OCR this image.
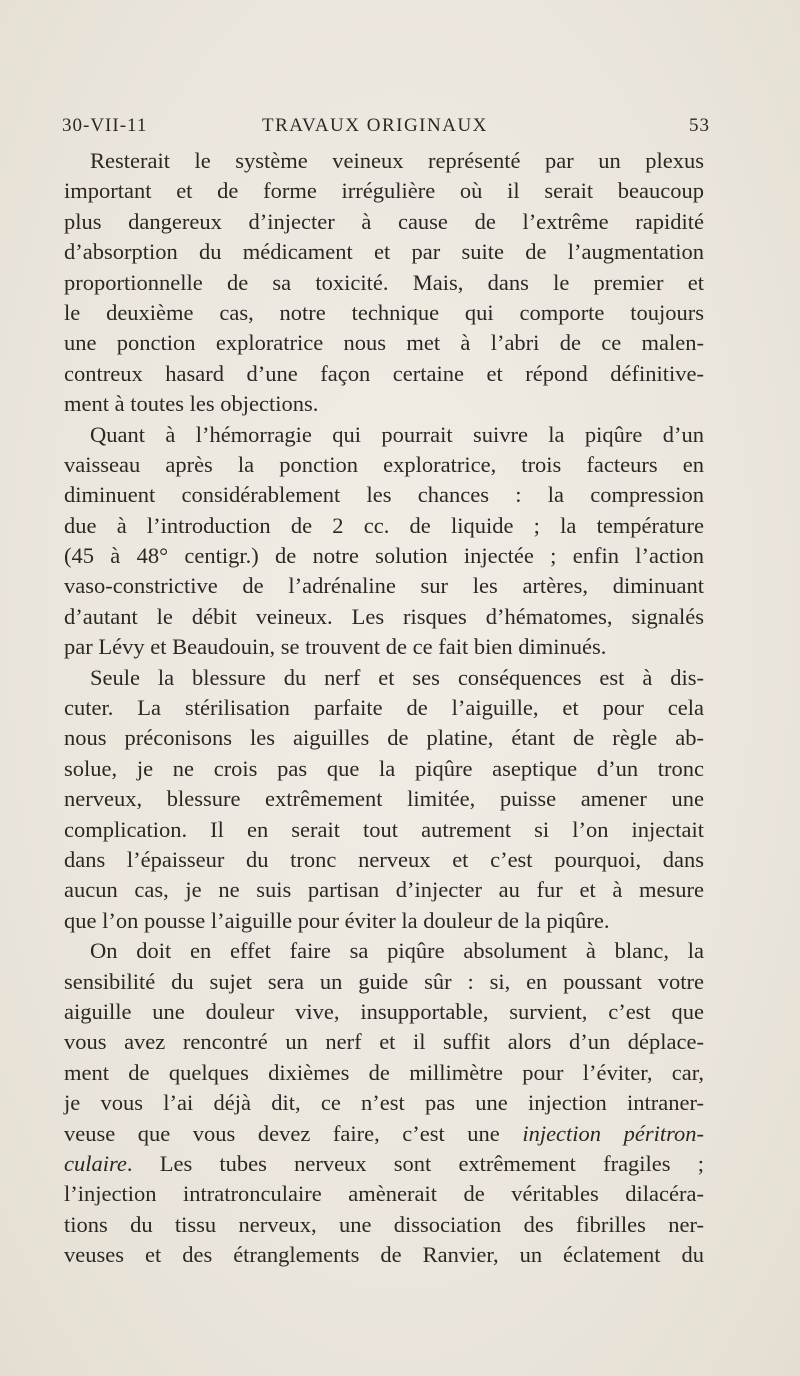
30-VII-11	TRAVAUX ORIGINAUX	53
Resterait le système veineux représenté par un plexus
important et de forme irrégulière où il serait beaucoup
plus dangereux d’injecter à cause de l’extrême rapidité
d’absorption du médicament et par suite de l’augmentation
proportionnelle de sa toxicité. Mais, dans le premier et
le deuxième cas, notre technique qui comporte toujours
une ponction exploratrice nous met à l’abri de ce malen-
contreux hasard d’une façon certaine et répond définitive-
ment à toutes les objections.
Quant à l’hémorragie qui pourrait suivre la piqûre d’un
vaisseau après la ponction exploratrice, trois facteurs en
diminuent considérablement les chances : la compression
due à l’introduction de 2 cc. de liquide ; la température
(45 à 48° centigr.) de notre solution injectée ; enfin l’action
vaso-constrictive de l’adrénaline sur les artères, diminuant
d’autant le débit veineux. Les risques d’hématomes, signalés
par Lévy et Beaudouin, se trouvent de ce fait bien diminués.
Seule la blessure du nerf et ses conséquences est à dis-
cuter. La stérilisation parfaite de l’aiguille, et pour cela
nous préconisons les aiguilles de platine, étant de règle ab-
solue, je ne crois pas que la piqûre aseptique d’un tronc
nerveux, blessure extrêmement limitée, puisse amener une
complication. Il en serait tout autrement si l’on injectait
dans l’épaisseur du tronc nerveux et c’est pourquoi, dans
aucun cas, je ne suis partisan d’injecter au fur et à mesure
que l’on pousse l’aiguille pour éviter la douleur de la piqûre.
On doit en effet faire sa piqûre absolument à blanc, la
sensibilité du sujet sera un guide sûr : si, en poussant votre
aiguille une douleur vive, insupportable, survient, c’est que
vous avez rencontré un nerf et il suffit alors d’un déplace-
ment de quelques dixièmes de millimètre pour l’éviter, car,
je vous l’ai déjà dit, ce n’est pas une injection intraner-
veuse que vous devez faire, c’est une injection péritron-
culaire. Les tubes nerveux sont extrêmement fragiles ;
l’injection intratronculaire amènerait de véritables dilacéra-
tions du tissu nerveux, une dissociation des fibrilles ner-
veuses et des étranglements de Ranvier, un éclatement du
